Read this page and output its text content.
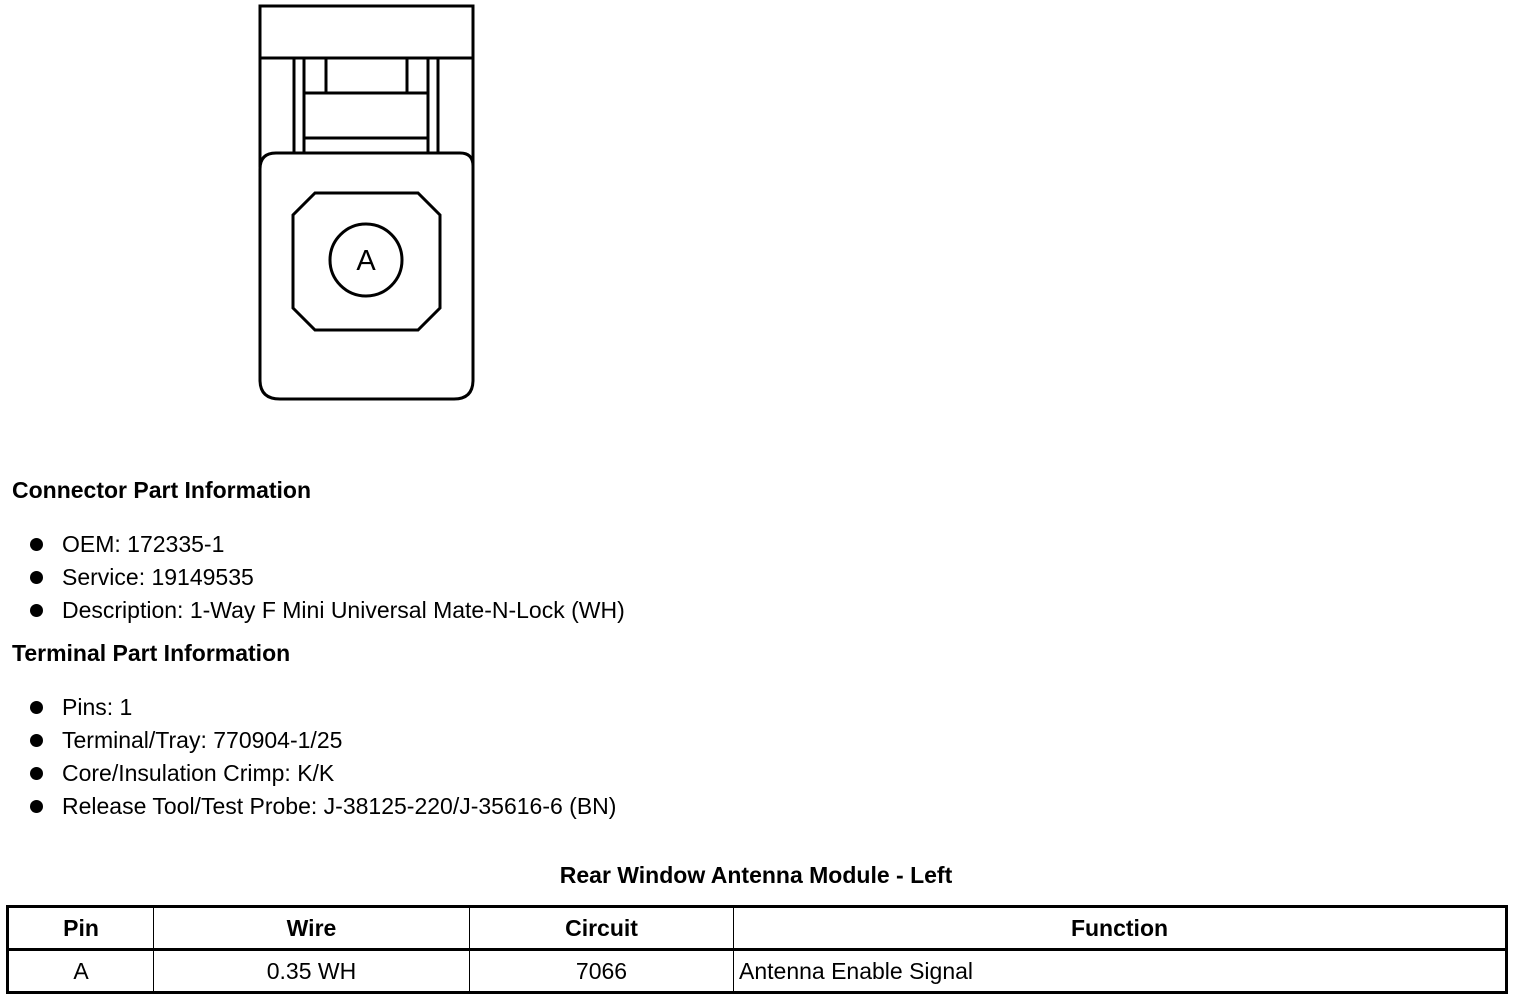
A
Connector Part Information
OEM: 172335-1
Service: 19149535
Description: 1-Way F Mini Universal Mate-N-Lock (WH)
Terminal Part Information
Pins: 1
Terminal/Tray: 770904-1/25
Core/Insulation Crimp: K/K
Release Tool/Test Probe: J-38125-220/J-35616-6 (BN)

Rear Window Antenna Module - Left

Pin	Wire	Circuit	Function
A	0.35 WH	7066	Antenna Enable Signal
